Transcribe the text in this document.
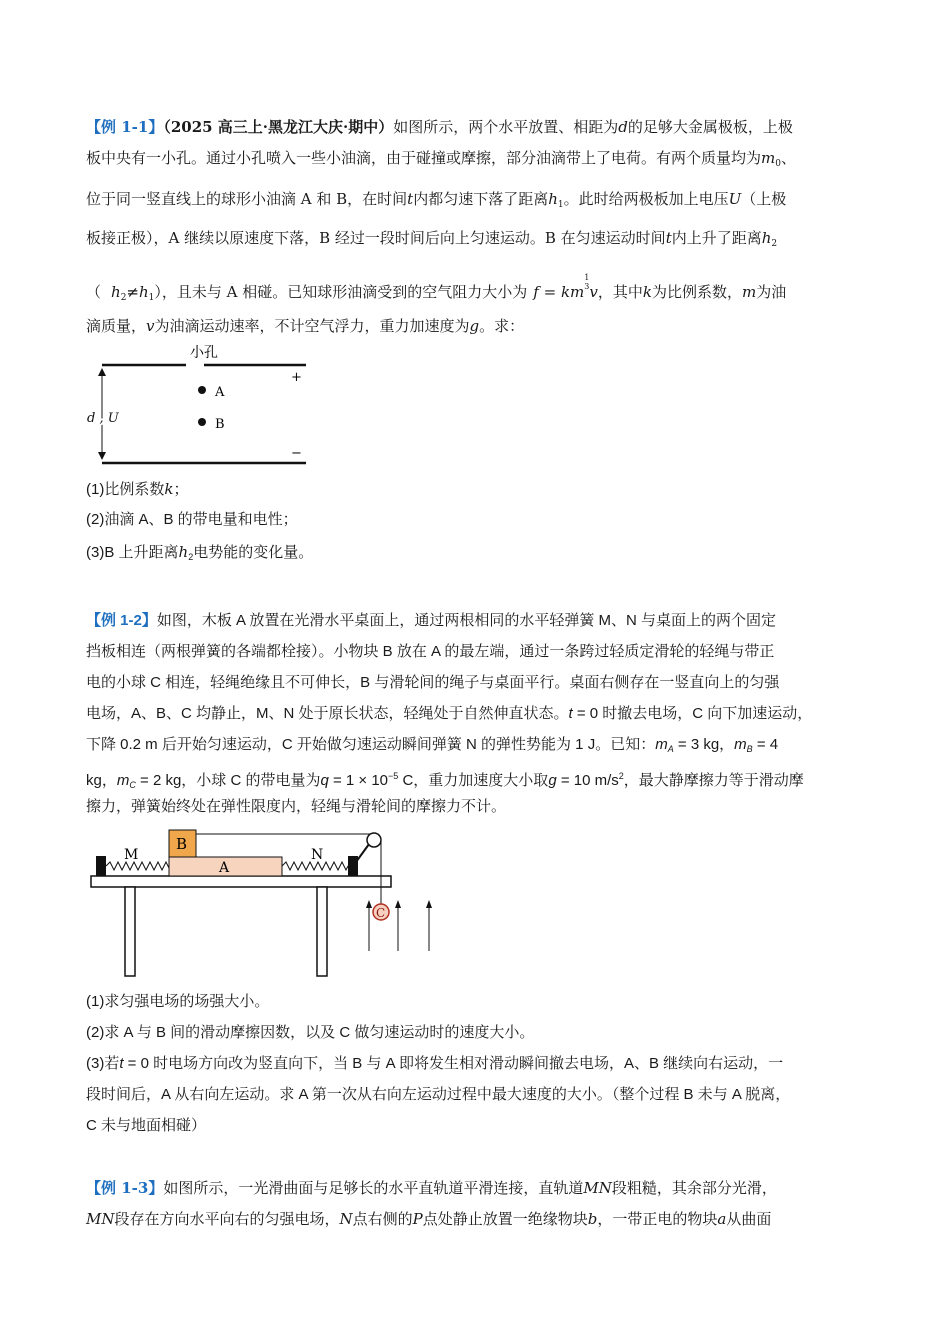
【例 1-1】（2025 高三上·黑龙江大庆·期中）如图所示，两个水平放置、相距为d的足够大金属极板，上极
板中央有一小孔。通过小孔喷入一些小油滴，由于碰撞或摩擦，部分油滴带上了电荷。有两个质量均为$m_0$、
位于同一竖直线上的球形小油滴 A 和 B，在时间t内都匀速下落了距离$h_1$。此时给两极板加上电压U（上极
板接正极），A 继续以原速度下落，B 经过一段时间后向上匀速运动。B 在匀速运动时间t内上升了距离$h_2$
（ $h_2\ne h_1$），且未与 A 相碰。已知球形油滴受到的空气阻力大小为 f = km
1
3 v，其中k为比例系数，m为油
滴质量，v为油滴运动速率，不计空气浮力，重力加速度为g。求：
小孔
A
B
+
−
d , U
(1)比例系数k；
(2)油滴 A、B 的带电量和电性；
(3)B 上升距离$h_2$电势能的变化量。
【例 1-2】如图，木板 A 放置在光滑水平桌面上，通过两根相同的水平轻弹簧 M、N 与桌面上的两个固定
挡板相连（两根弹簧的各端都栓接）。小物块 B 放在 A 的最左端，通过一条跨过轻质定滑轮的轻绳与带正
电的小球 C 相连，轻绳绝缘且不可伸长，B 与滑轮间的绳子与桌面平行。桌面右侧存在一竖直向上的匀强
电场，A、B、C 均静止，M、N 处于原长状态，轻绳处于自然伸直状态。t = 0 时撤去电场，C 向下加速运动，
下降 0.2 m 后开始匀速运动，C 开始做匀速运动瞬间弹簧 N 的弹性势能为 1 J。已知：$m_A = 3$ kg，$m_B = 4$
kg，$m_C = 2$ kg，小球 C 的带电量为$q = 1 \times 10^{-5}$ C，重力加速度大小取g = 10 $m/s^2$，最大静摩擦力等于滑动摩
擦力，弹簧始终处在弹性限度内，轻绳与滑轮间的摩擦力不计。
M	N
A
B
C
(1)求匀强电场的场强大小。
(2)求 A 与 B 间的滑动摩擦因数，以及 C 做匀速运动时的速度大小。
(3)若t = 0 时电场方向改为竖直向下，当 B 与 A 即将发生相对滑动瞬间撤去电场，A、B 继续向右运动，一
段时间后，A 从右向左运动。求 A 第一次从右向左运动过程中最大速度的大小。（整个过程 B 未与 A 脱离，
C 未与地面相碰）
【例 1-3】如图所示，一光滑曲面与足够长的水平直轨道平滑连接，直轨道MN段粗糙，其余部分光滑，
MN段存在方向水平向右的匀强电场，N点右侧的P点处静止放置一绝缘物块b，一带正电的物块a从曲面
